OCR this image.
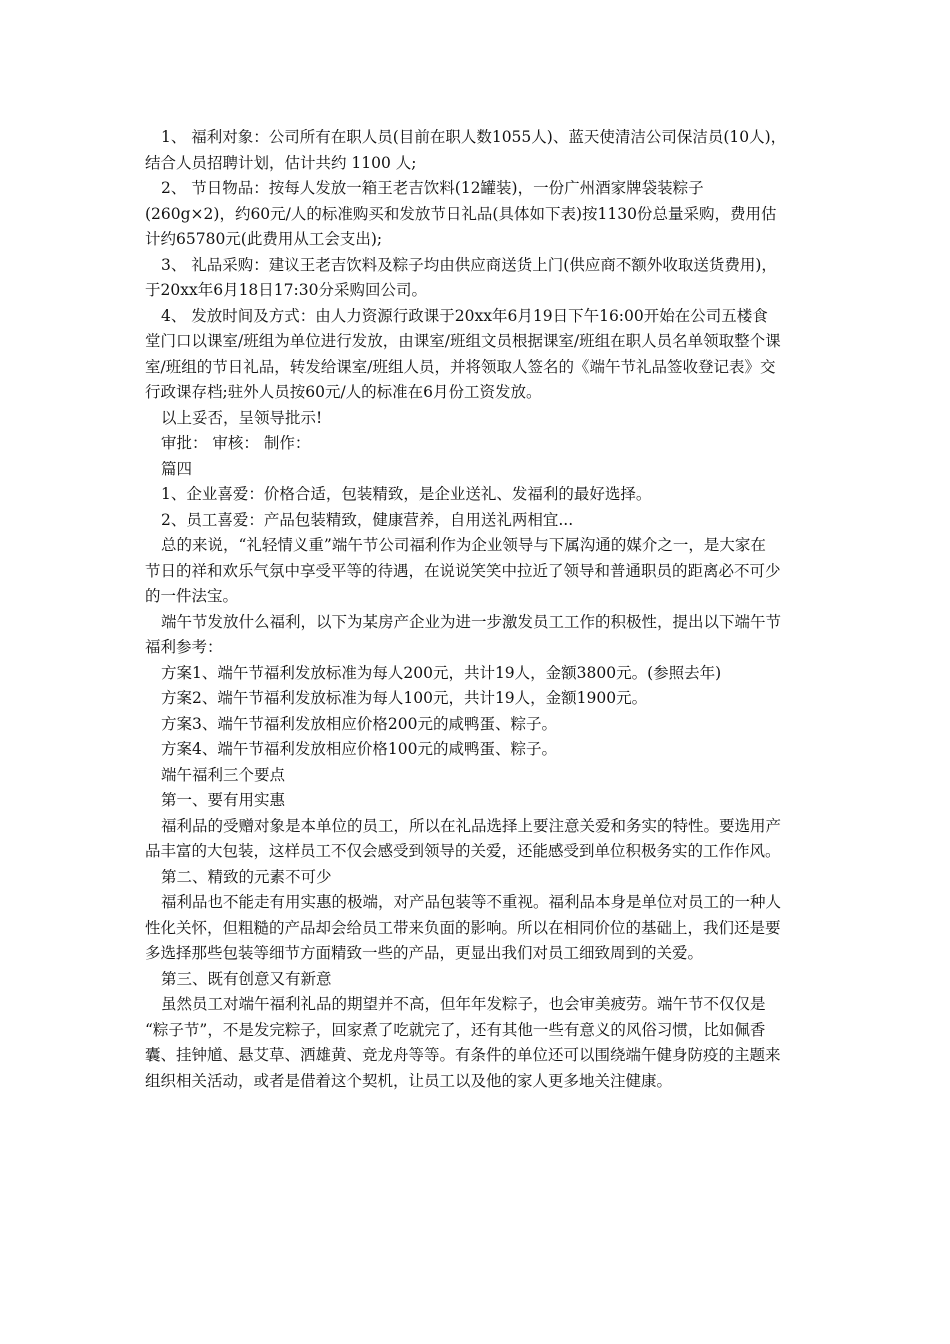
1、 福利对象：公司所有在职人员(目前在职人数1055人)、蓝天使清洁公司保洁员(10人)，
结合人员招聘计划，估计共约 1100 人;
2、 节日物品：按每人发放一箱王老吉饮料(12罐装)，一份广州酒家牌袋装粽子
(260g×2)，约60元/人的标准购买和发放节日礼品(具体如下表)按1130份总量采购，费用估
计约65780元(此费用从工会支出);
3、 礼品采购：建议王老吉饮料及粽子均由供应商送货上门(供应商不额外收取送货费用)，
于20xx年6月18日17:30分采购回公司。
4、 发放时间及方式：由人力资源行政课于20xx年6月19日下午16:00开始在公司五楼食
堂门口以课室/班组为单位进行发放，由课室/班组文员根据课室/班组在职人员名单领取整个课
室/班组的节日礼品，转发给课室/班组人员，并将领取人签名的《端午节礼品签收登记表》交
行政课存档;驻外人员按60元/人的标准在6月份工资发放。
以上妥否，呈领导批示!
审批： 审核： 制作：
篇四
1、企业喜爱：价格合适，包装精致，是企业送礼、发福利的最好选择。
2、员工喜爱：产品包装精致，健康营养，自用送礼两相宜...
总的来说，“礼轻情义重”端午节公司福利作为企业领导与下属沟通的媒介之一，是大家在
节日的祥和欢乐气氛中享受平等的待遇，在说说笑笑中拉近了领导和普通职员的距离必不可少
的一件法宝。
端午节发放什么福利，以下为某房产企业为进一步激发员工工作的积极性，提出以下端午节
福利参考：
方案1、端午节福利发放标准为每人200元，共计19人，金额3800元。(参照去年)
方案2、端午节福利发放标准为每人100元，共计19人，金额1900元。
方案3、端午节福利发放相应价格200元的咸鸭蛋、粽子。
方案4、端午节福利发放相应价格100元的咸鸭蛋、粽子。
端午福利三个要点
第一、要有用实惠
福利品的受赠对象是本单位的员工，所以在礼品选择上要注意关爱和务实的特性。要选用产
品丰富的大包装，这样员工不仅会感受到领导的关爱，还能感受到单位积极务实的工作作风。
第二、精致的元素不可少
福利品也不能走有用实惠的极端，对产品包装等不重视。福利品本身是单位对员工的一种人
性化关怀，但粗糙的产品却会给员工带来负面的影响。所以在相同价位的基础上，我们还是要
多选择那些包装等细节方面精致一些的产品，更显出我们对员工细致周到的关爱。
第三、既有创意又有新意
虽然员工对端午福利礼品的期望并不高，但年年发粽子，也会审美疲劳。端午节不仅仅是
“粽子节”，不是发完粽子，回家煮了吃就完了，还有其他一些有意义的风俗习惯，比如佩香
囊、挂钟馗、悬艾草、洒雄黄、竞龙舟等等。有条件的单位还可以围绕端午健身防疫的主题来
组织相关活动，或者是借着这个契机，让员工以及他的家人更多地关注健康。
